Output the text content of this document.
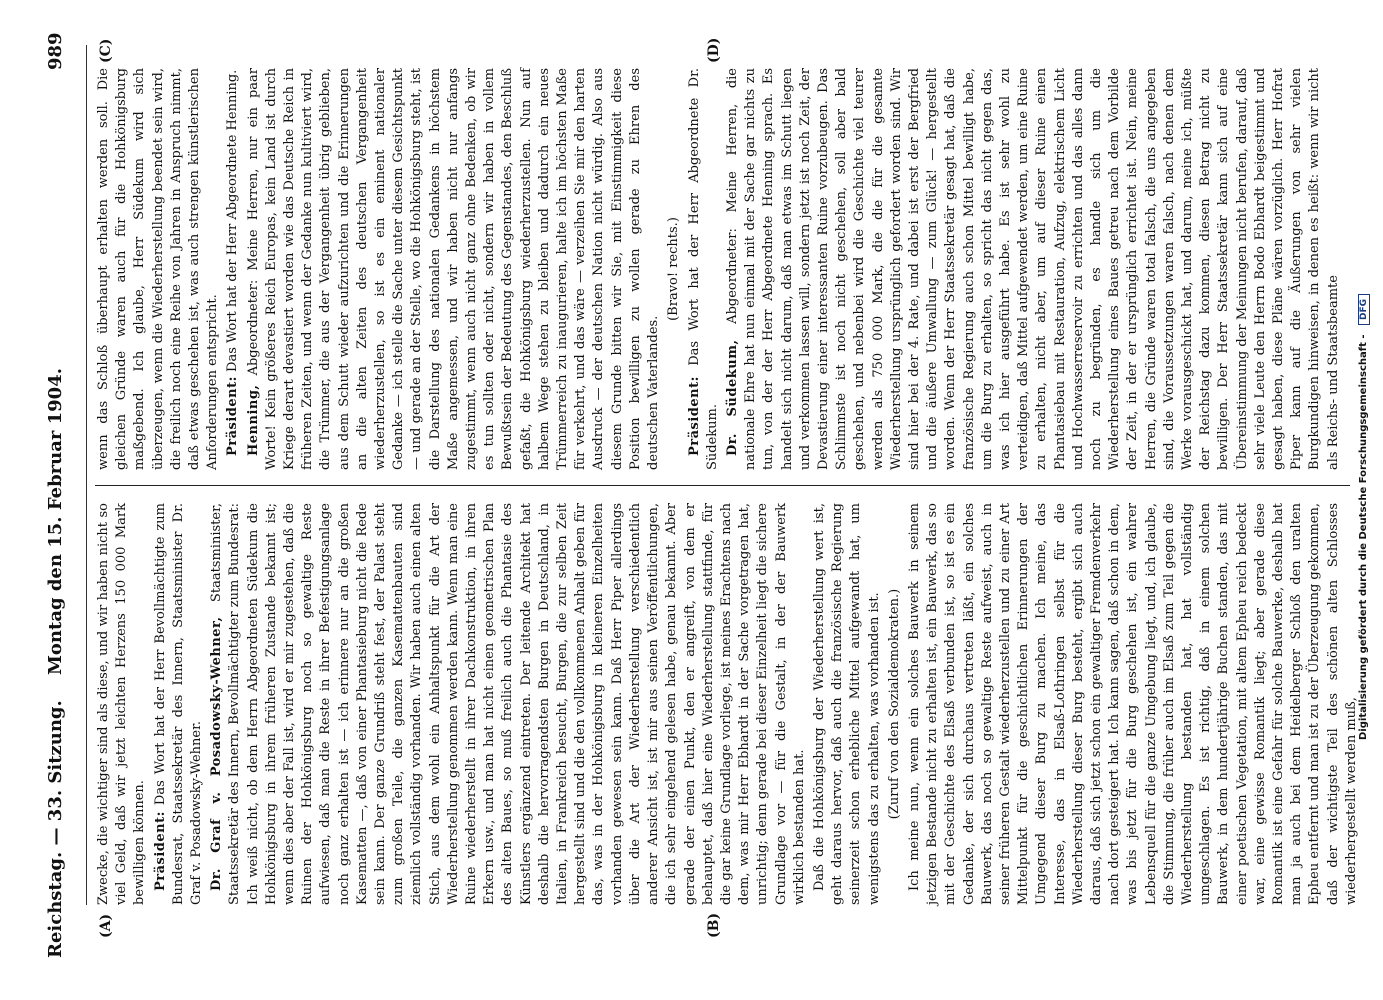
Reichstag. — 33. Sitzung.
Montag den 15. Februar 1904.
989
(A)	(B)
(C)	(D)

Zwecke, die wichtiger sind als diese, und wir haben nicht so viel Geld, daß wir jetzt leichten Herzens 150 000 Mark bewilligen können. Präsident: Das Wort hat der Herr Bevollmächtigte zum Bundesrat, Staatssekretär des Innern, Staatsminister Dr. Graf v. Posadowsky-Wehner. Dr. Graf v. Posadowsky-Wehner, Staatsminister, Staatssekretär des Innern, Bevollmächtigter zum Bundesrat: Ich weiß nicht, ob dem Herrn Abgeordneten Südekum die Hohkönigsburg in ihrem früheren Zustande bekannt ist; wenn dies aber der Fall ist, wird er mir zugestehen, daß die Ruinen der Hohkönigsburg noch so gewaltige Reste aufwiesen, daß man die Reste in ihrer Befestigungsanlage noch ganz erhalten ist — ich erinnere nur an die großen Kasematten —, daß von einer Phantasieburg nicht die Rede sein kann. Der ganze Grundriß steht fest, der Palast steht zum großen Teile, die ganzen Kasemattenbauten sind ziemlich vollständig vorhanden. Wir haben auch einen alten Stich, aus dem wohl ein Anhaltspunkt für die Art der Wiederherstellung genommen werden kann. Wenn man eine Ruine wiederherstellt in ihrer Dachkonstruktion, in ihren Erkern usw., und man hat nicht einen geometrischen Plan des alten Baues, so muß freilich auch die Phantasie des Künstlers ergänzend eintreten. Der leitende Architekt hat deshalb die hervorragendsten Burgen in Deutschland, in Italien, in Frankreich besucht, Burgen, die zur selben Zeit hergestellt sind und die den vollkommenen Anhalt geben für das, was in der Hohkönigsburg in kleineren Einzelheiten vorhanden gewesen sein kann. Daß Herr Piper allerdings über die Art der Wiederherstellung verschiedentlich anderer Ansicht ist, ist mir aus seinen Veröffentlichungen, die ich sehr eingehend gelesen habe, genau bekannt. Aber gerade der einen Punkt, den er angreift, von dem er behauptet, daß hier eine Wiederherstellung stattfinde, für die gar keine Grundlage vorliege, ist meines Erachtens nach dem, was mir Herr Ebhardt in der Sache vorgetragen hat, unrichtig; denn gerade bei dieser Einzelheit liegt die sichere Grundlage vor — für die Gestalt, in der der Bauwerk wirklich bestanden hat. Daß die Hohkönigsburg der Wiederherstellung wert ist, geht daraus hervor, daß auch die französische Regierung seinerzeit schon erhebliche Mittel aufgewandt hat, um wenigstens das zu erhalten, was vorhanden ist. (Zuruf von den Sozialdemokraten.) Ich meine nun, wenn ein solches Bauwerk in seinem jetzigen Bestande nicht zu erhalten ist, ein Bauwerk, das so mit der Geschichte des Elsaß verbunden ist, so ist es ein Gedanke, der sich durchaus vertreten läßt, ein solches Bauwerk, das noch so gewaltige Reste aufweist, auch in seiner früheren Gestalt wiederherzustellen und zu einer Art Mittelpunkt für die geschichtlichen Erinnerungen der Umgegend dieser Burg zu machen. Ich meine, das Interesse, das in Elsaß-Lothringen selbst für die Wiederherstellung dieser Burg besteht, ergibt sich auch daraus, daß sich jetzt schon ein gewaltiger Fremdenverkehr nach dort gesteigert hat. Ich kann sagen, daß schon in dem, was bis jetzt für die Burg geschehen ist, ein wahrer Lebensquell für die ganze Umgebung liegt, und, ich glaube, die Stimmung, die früher auch im Elsaß zum Teil gegen die Wiederherstellung bestanden hat, hat vollständig umgeschlagen. Es ist richtig, daß in einem solchen Bauwerk, in dem hundertjährige Buchen standen, das mit einer poetischen Vegetation, mit altem Epheu reich bedeckt war, eine gewisse Romantik liegt; aber gerade diese Romantik ist eine Gefahr für solche Bauwerke, deshalb hat man ja auch bei dem Heidelberger Schloß den uralten Epheu entfernt und man ist zu der Überzeugung gekommen, daß der wichtigste Teil des schönen alten Schlosses wiederhergestellt werden muß,

wenn das Schloß überhaupt erhalten werden soll. Die gleichen Gründe waren auch für die Hohkönigsburg maßgebend. Ich glaube, Herr Südekum wird sich überzeugen, wenn die Wiederherstellung beendet sein wird, die freilich noch eine Reihe von Jahren in Anspruch nimmt, daß etwas geschehen ist, was auch strengen künstlerischen Anforderungen entspricht. Präsident: Das Wort hat der Herr Abgeordnete Henning.

Henning, Abgeordneter: Meine Herren, nur ein paar Worte! Kein größeres Reich Europas, kein Land ist durch Kriege derart devastiert worden wie das Deutsche Reich in früheren Zeiten, und wenn der Gedanke nun kultiviert wird, die Trümmer, die aus der Vergangenheit übrig geblieben, aus dem Schutt wieder aufzurichten und die Erinnerungen an die alten Zeiten des deutschen Vergangenheit wiederherzustellen, so ist es ein eminent nationaler Gedanke — ich stelle die Sache unter diesem Gesichtspunkt — und gerade an der Stelle, wo die Hohkönigsburg steht, ist die Darstellung des nationalen Gedankens in höchstem Maße angemessen, und wir haben nicht nur anfangs zugestimmt, wenn auch nicht ganz ohne Bedenken, ob wir es tun sollten oder nicht, sondern wir haben in vollem Bewußtsein der Bedeutung des Gegenstandes, den Beschluß gefaßt, die Hohkönigsburg wiederherzustellen. Nun auf halbem Wege stehen zu bleiben und dadurch ein neues Trümmerreich zu inaugurieren, halte ich im höchsten Maße für verkehrt, und das wäre — verzeihen Sie mir den harten Ausdruck — der deutschen Nation nicht würdig. Also aus diesem Grunde bitten wir Sie, mit Einstimmigkeit diese Position bewilligen zu wollen gerade zu Ehren des deutschen Vaterlandes.

(Bravo! rechts.)

Präsident: Das Wort hat der Herr Abgeordnete Dr. Südekum. Dr. Südekum, Abgeordneter: Meine Herren, die nationale Ehre hat nun einmal mit der Sache gar nichts zu tun, von der der Herr Abgeordnete Henning sprach. Es handelt sich nicht darum, daß man etwas im Schutt liegen und verkommen lassen will, sondern jetzt ist noch Zeit, der Devastierung einer interessanten Ruine vorzubeugen. Das Schlimmste ist noch nicht geschehen, soll aber bald geschehen, und nebenbei wird die Geschichte viel teurer werden als 750 000 Mark, die die für die gesamte Wiederherstellung ursprünglich gefordert worden sind. Wir sind hier bei der 4. Rate, und dabei ist erst der Bergfried und die äußere Umwallung — zum Glück! — hergestellt worden. Wenn der Herr Staatssekretär gesagt hat, daß die französische Regierung auch schon Mittel bewilligt habe, um die Burg zu erhalten, so spricht das nicht gegen das, was ich hier ausgeführt habe. Es ist sehr wohl zu verteidigen, daß Mittel aufgewendet werden, um eine Ruine zu erhalten, nicht aber, um auf dieser Ruine einen Phantasiebau mit Restauration, Aufzug, elektrischem Licht und Hochwasserreservoir zu errichten und das alles dann noch zu begründen, es handle sich um die Wiederherstellung eines Baues getreu nach dem Vorbilde der Zeit, in der er ursprünglich errichtet ist. Nein, meine Herren, die Gründe waren total falsch, die uns angegeben sind, die Voraussetzungen waren falsch, nach denen dem Werke vorausgeschickt hat, und darum, meine ich, müßte der Reichstag dazu kommen, diesen Betrag nicht zu bewilligen. Der Herr Staatssekretär kann sich auf eine Übereinstimmung der Meinungen nicht berufen, darauf, daß sehr viele Leute den Herrn Bodo Ebhardt beigestimmt und gesagt haben, diese Pläne wären vorzüglich. Herr Hofrat Piper kann auf die Äußerungen von sehr vielen Burgkundigen hinweisen, in denen es heißt: wenn wir nicht als Reichs- und Staatsbeamte Digitalisierung gefördert durch die Deutsche Forschungsgemeinschaft - DFG
